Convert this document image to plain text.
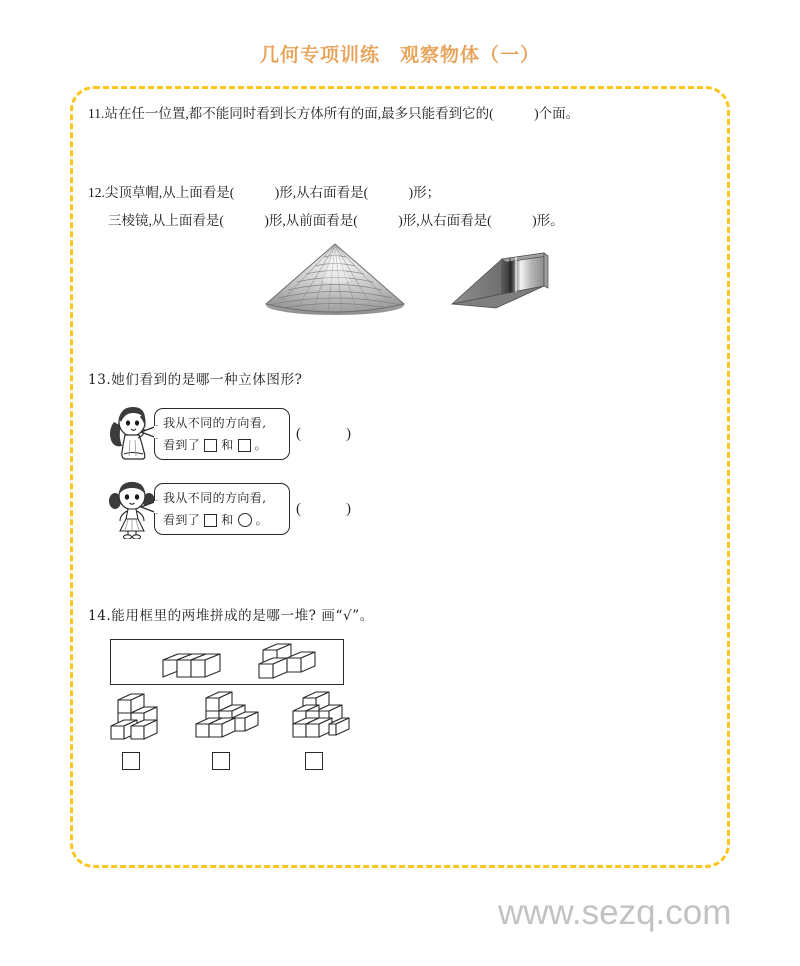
几何专项训练　观察物体（一）
11.站在任一位置,都不能同时看到长方体所有的面,最多只能看到它的(　　　)个面。
12.尖顶草帽,从上面看是(　　　)形,从右面看是(　　　)形；
三棱镜,从上面看是(　　　)形,从前面看是(　　　)形,从右面看是(　　　)形。
13.她们看到的是哪一种立体图形?
我从不同的方向看,
看到了 和 。
(　　　)
我从不同的方向看,
看到了 和 。
(　　　)
14.能用框里的两堆拼成的是哪一堆? 画“√”。
www.sezq.com
